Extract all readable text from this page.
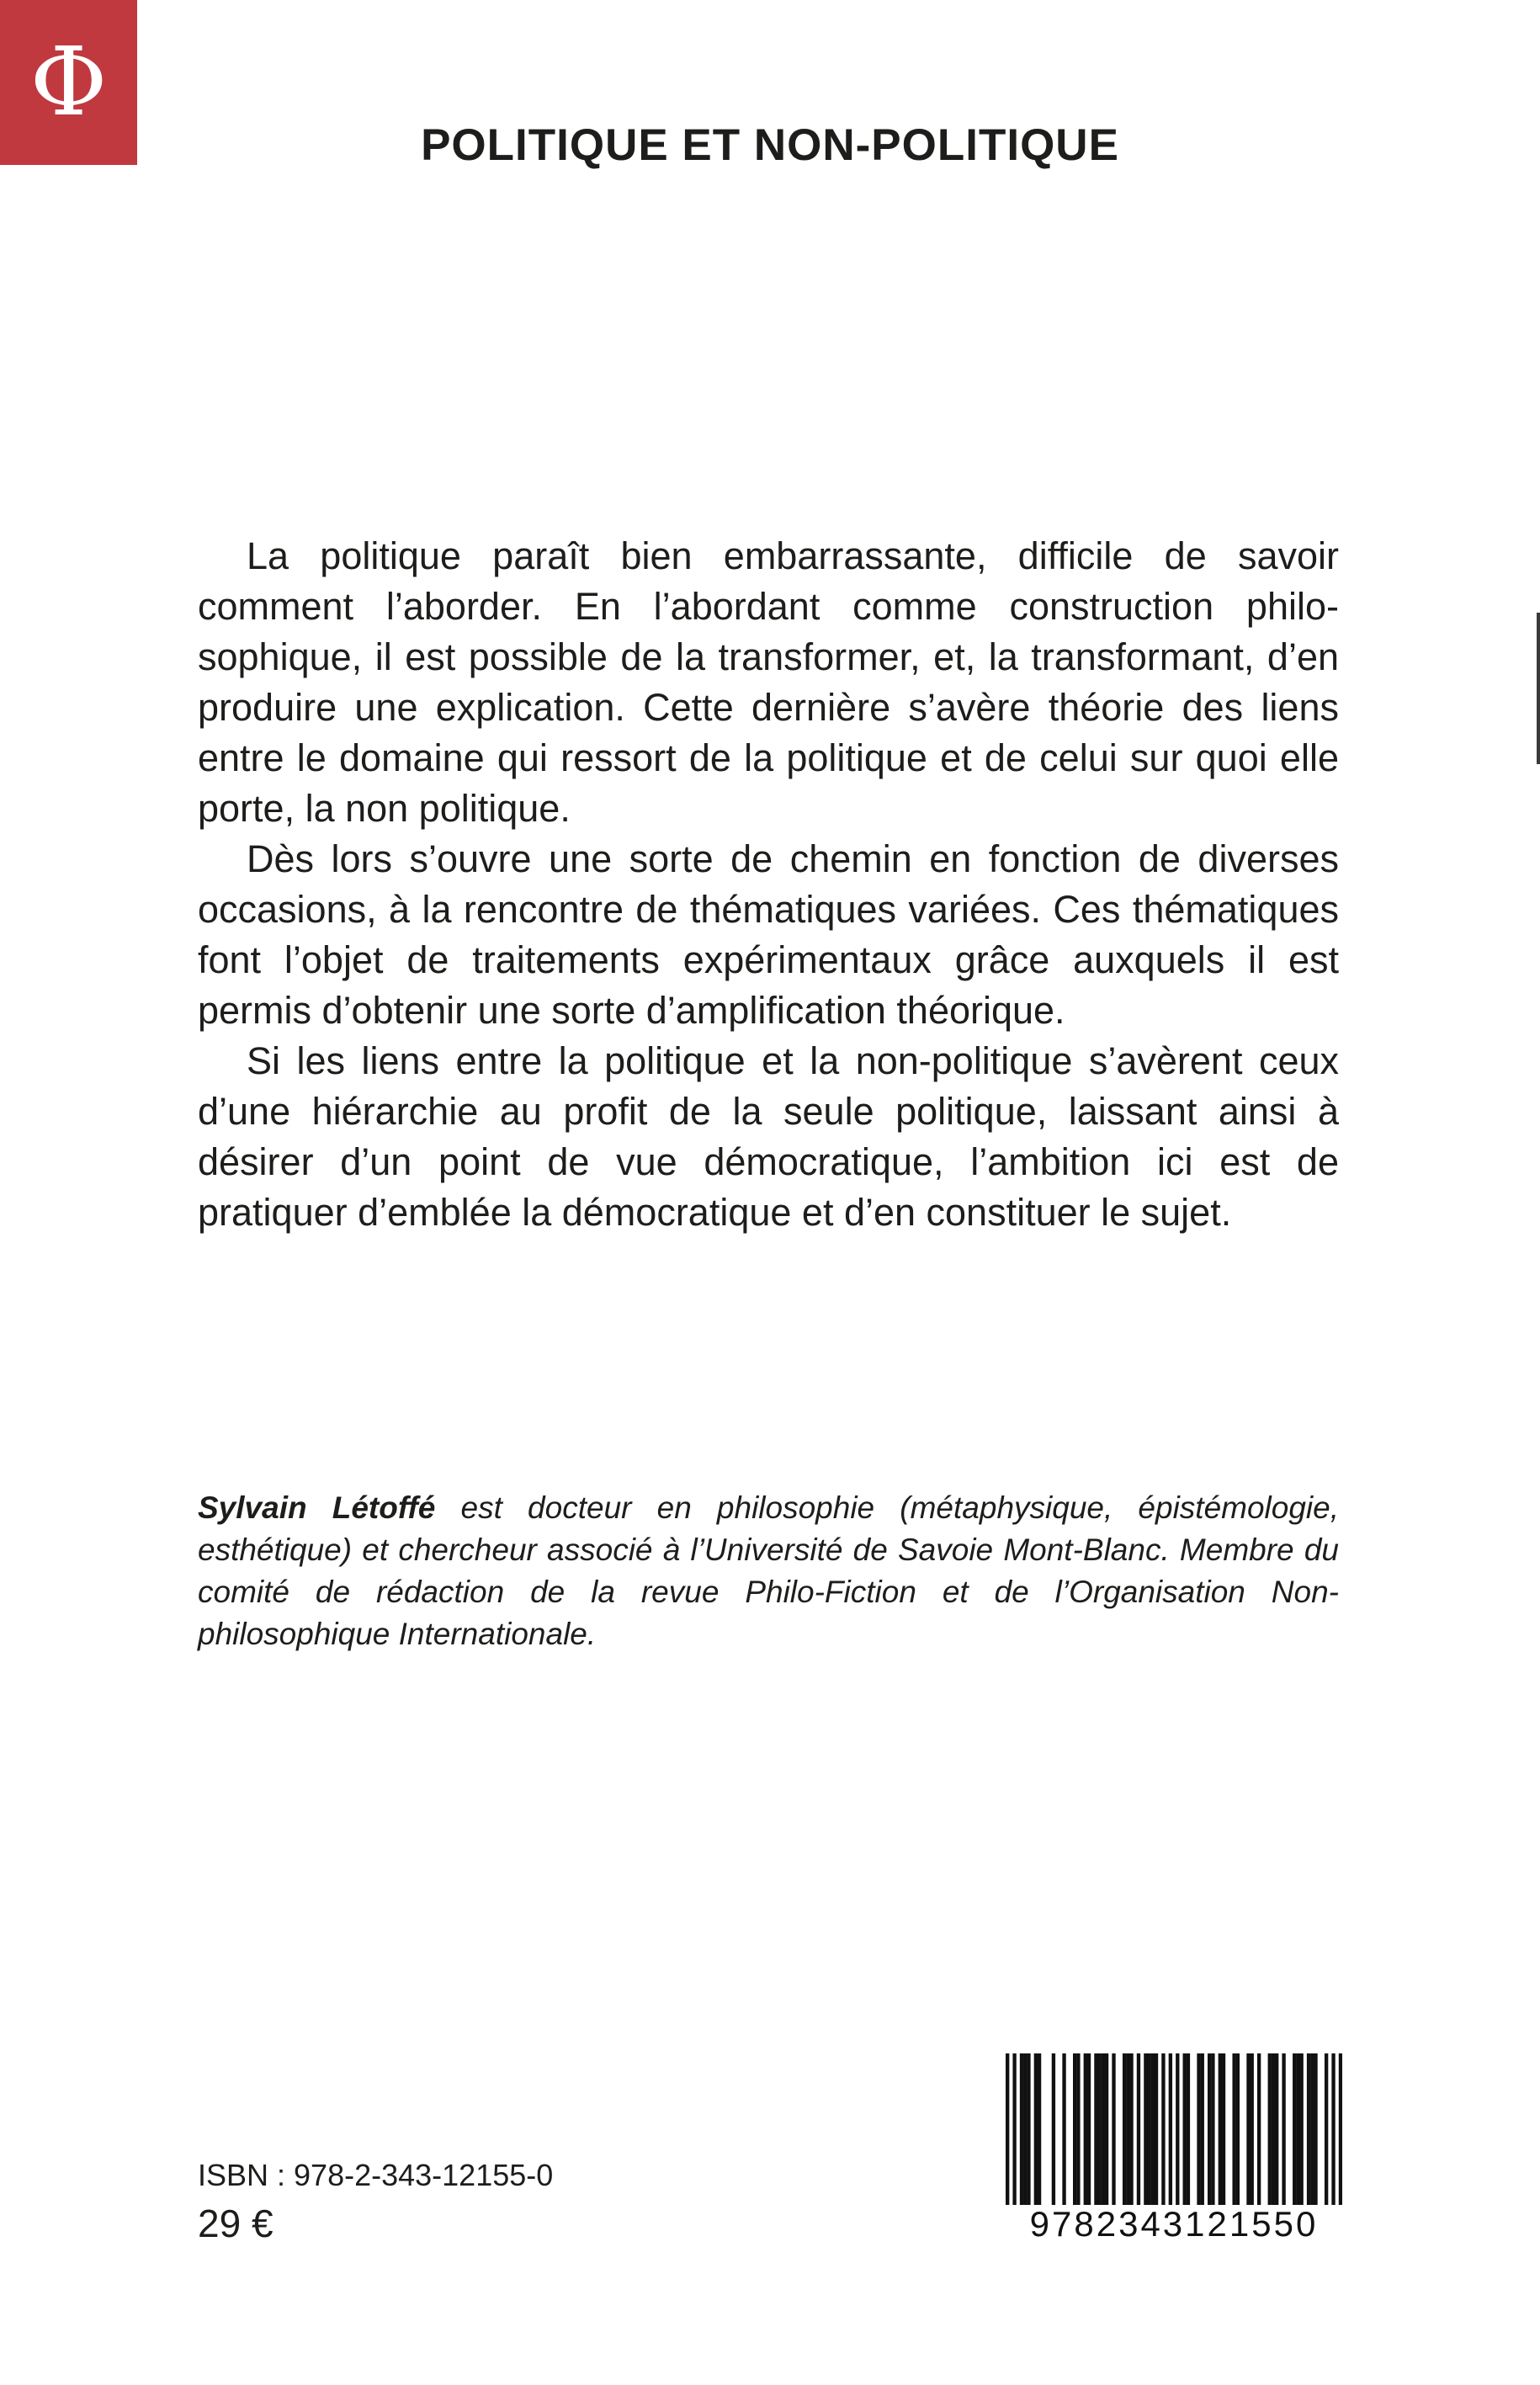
Φ
POLITIQUE ET NON-POLITIQUE

La politique paraît bien embarrassante, difficile de savoir comment l’aborder. En l’abordant comme construction philo-sophique, il est possible de la transformer, et, la transformant, d’en produire une explication. Cette dernière s’avère théorie des liens entre le domaine qui ressort de la politique et de celui sur quoi elle porte, la non politique.

Dès lors s’ouvre une sorte de chemin en fonction de diverses occasions, à la rencontre de thématiques variées. Ces thématiques font l’objet de traitements expérimentaux grâce auxquels il est permis d’obtenir une sorte d’amplification théorique.

Si les liens entre la politique et la non-politique s’avèrent ceux d’une hiérarchie au profit de la seule politique, laissant ainsi à désirer d’un point de vue démocratique, l’ambition ici est de pratiquer d’emblée la démocratique et d’en constituer le sujet.

Sylvain Létoffé est docteur en philosophie (métaphysique, épistémologie, esthétique) et chercheur associé à l’Université de Savoie Mont-Blanc. Membre du comité de rédaction de la revue Philo-Fiction et de l’Organisation Non-philosophique Internationale.

ISBN : 978-2-343-12155-0

29 €	9782343121550
